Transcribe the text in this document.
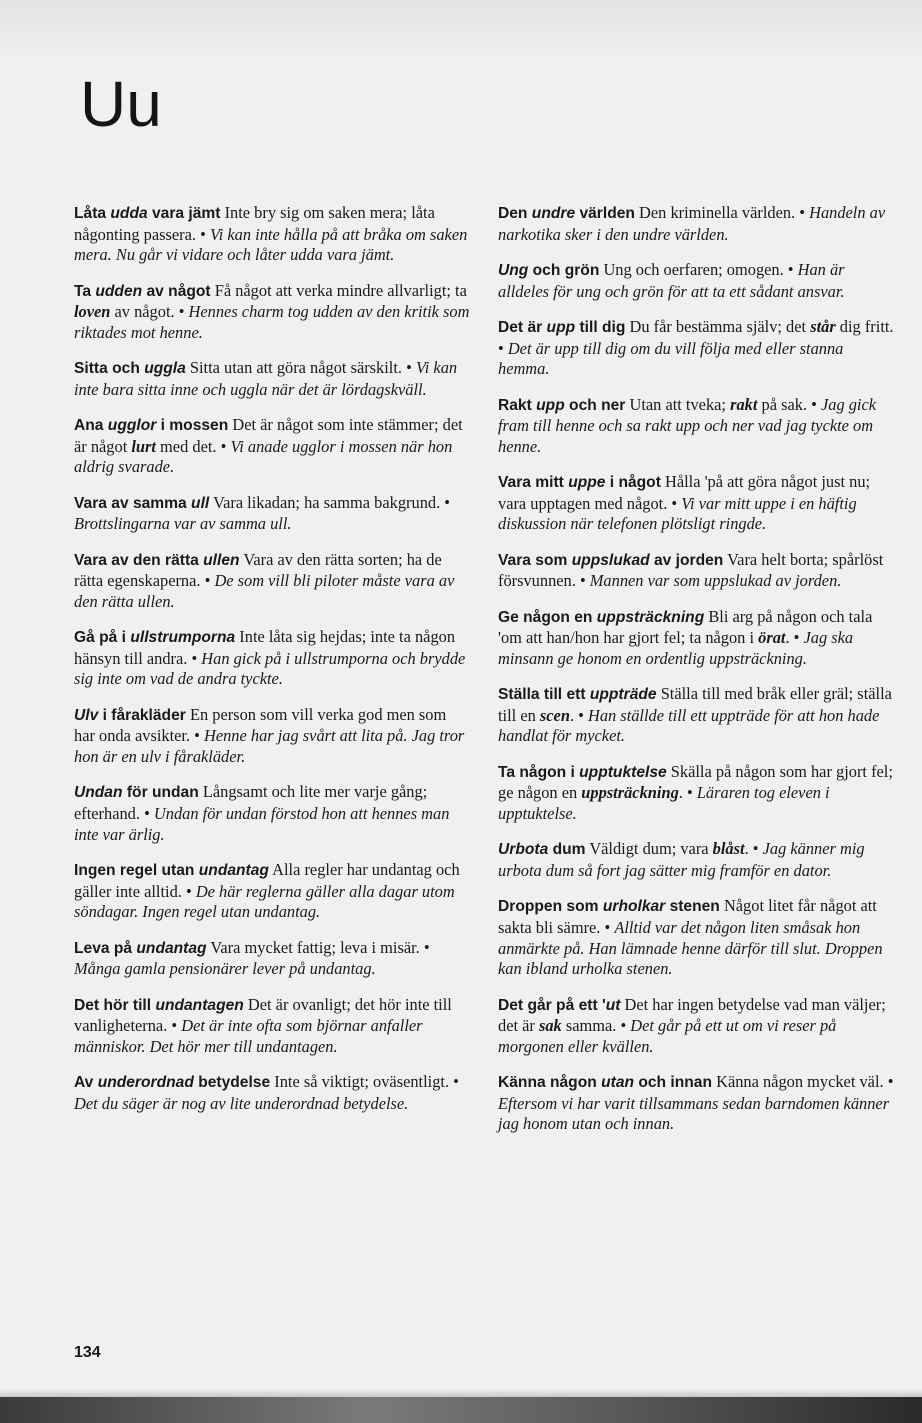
Uu

Låta udda vara jämt Inte bry sig om saken mera; låta någonting passera. • Vi kan inte hålla på att bråka om saken mera. Nu går vi vidare och låter udda vara jämt.

Ta udden av något Få något att verka mindre allvarligt; ta loven av något. • Hennes charm tog udden av den kritik som riktades mot henne.

Sitta och uggla Sitta utan att göra något särskilt. • Vi kan inte bara sitta inne och uggla när det är lördagskväll.

Ana ugglor i mossen Det är något som inte stämmer; det är något lurt med det. • Vi anade ugglor i mossen när hon aldrig svarade.

Vara av samma ull Vara likadan; ha samma bakgrund. • Brottslingarna var av samma ull.

Vara av den rätta ullen Vara av den rätta sorten; ha de rätta egenskaperna. • De som vill bli piloter måste vara av den rätta ullen.

Gå på i ullstrumporna Inte låta sig hejdas; inte ta någon hänsyn till andra. • Han gick på i ullstrumporna och brydde sig inte om vad de andra tyckte.

Ulv i fårakläder En person som vill verka god men som har onda avsikter. • Henne har jag svårt att lita på. Jag tror hon är en ulv i fårakläder.

Undan för undan Långsamt och lite mer varje gång; efterhand. • Undan för undan förstod hon att hennes man inte var ärlig.

Ingen regel utan undantag Alla regler har undantag och gäller inte alltid. • De här reglerna gäller alla dagar utom söndagar. Ingen regel utan undantag.

Leva på undantag Vara mycket fattig; leva i misär. • Många gamla pensionärer lever på undantag.

Det hör till undantagen Det är ovanligt; det hör inte till vanligheterna. • Det är inte ofta som björnar anfaller människor. Det hör mer till undantagen.

Av underordnad betydelse Inte så viktigt; oväsentligt. • Det du säger är nog av lite underordnad betydelse.

Den undre världen Den kriminella världen. • Handeln av narkotika sker i den undre världen.

Ung och grön Ung och oerfaren; omogen. • Han är alldeles för ung och grön för att ta ett sådant ansvar.

Det är upp till dig Du får bestämma själv; det står dig fritt. • Det är upp till dig om du vill följa med eller stanna hemma.

Rakt upp och ner Utan att tveka; rakt på sak. • Jag gick fram till henne och sa rakt upp och ner vad jag tyckte om henne.

Vara mitt uppe i något Hålla 'på att göra något just nu; vara upptagen med något. • Vi var mitt uppe i en häftig diskussion när telefonen plötsligt ringde.

Vara som uppslukad av jorden Vara helt borta; spårlöst försvunnen. • Mannen var som uppslukad av jorden.

Ge någon en uppsträckning Bli arg på någon och tala 'om att han/hon har gjort fel; ta någon i örat. • Jag ska minsann ge honom en ordentlig uppsträckning.

Ställa till ett uppträde Ställa till med bråk eller gräl; ställa till en scen. • Han ställde till ett uppträde för att hon hade handlat för mycket.

Ta någon i upptuktelse Skälla på någon som har gjort fel; ge någon en uppsträckning. • Läraren tog eleven i upptuktelse.

Urbota dum Väldigt dum; vara blåst. • Jag känner mig urbota dum så fort jag sätter mig framför en dator.

Droppen som urholkar stenen Något litet får något att sakta bli sämre. • Alltid var det någon liten småsak hon anmärkte på. Han lämnade henne därför till slut. Droppen kan ibland urholka stenen.

Det går på ett 'ut Det har ingen betydelse vad man väljer; det är sak samma. • Det går på ett ut om vi reser på morgonen eller kvällen.

Känna någon utan och innan Känna någon mycket väl. • Eftersom vi har varit tillsammans sedan barndomen känner jag honom utan och innan.

134
